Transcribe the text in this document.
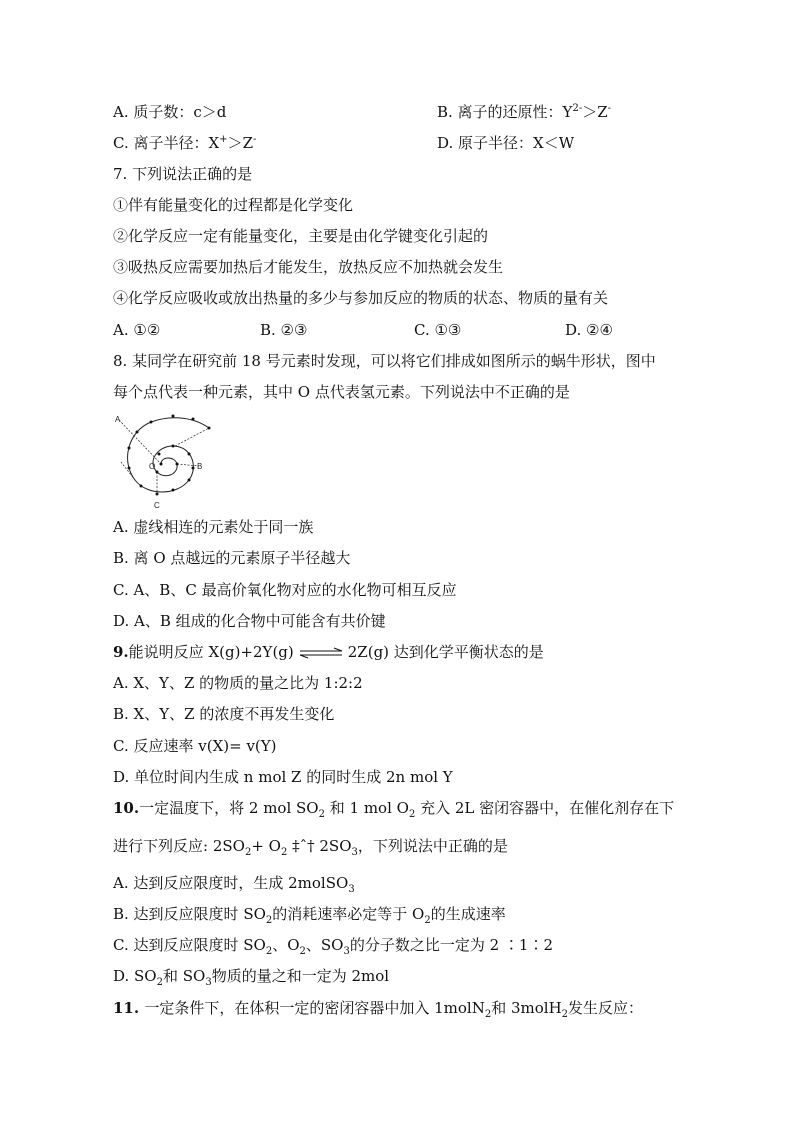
A. 质子数：c＞d	B. 离子的还原性：$Y^{2-}>Z^-$
C. 离子半径：X+＞Z-	D. 原子半径：X＜W
7. 下列说法正确的是
①伴有能量变化的过程都是化学变化
②化学反应一定有能量变化，主要是由化学键变化引起的
③吸热反应需要加热后才能发生，放热反应不加热就会发生
④化学反应吸收或放出热量的多少与参加反应的物质的状态、物质的量有关
A. ①②	B. ②③	C. ①③	D. ②④
8. 某同学在研究前 18 号元素时发现，可以将它们排成如图所示的蜗牛形状，图中
每个点代表一种元素，其中 O 点代表氢元素。下列说法中不正确的是
A
B
C
O
A. 虚线相连的元素处于同一族
B. 离 O 点越远的元素原子半径越大
C. A、B、C 最高价氧化物对应的水化物可相互反应
D. A、B 组成的化合物中可能含有共价键
9.能说明反应 X(g)+2Y(g) ⇌ 2Z(g) 达到化学平衡状态的是
A. X、Y、Z 的物质的量之比为 1:2:2
B. X、Y、Z 的浓度不再发生变化
C. 反应速率 v(X)= v(Y)
D. 单位时间内生成 n mol Z 的同时生成 2n mol Y
10.一定温度下，将 2 mol $SO_2$ 和 1 mol $O_2$ 充入 2L 密闭容器中，在催化剂存在下
进行下列反应: $2SO_2+ O_2$ ‡ˆ† $2SO_3$，下列说法中正确的是
A. 达到反应限度时，生成 2molSO$_3$
B. 达到反应限度时 $SO_2$的消耗速率必定等于 $O_2$的生成速率
C. 达到反应限度时 $SO_2$、$O_2$、$SO_3$的分子数之比一定为 2 ∶1∶2
D. $SO_2$和 $SO_3$物质的量之和一定为 2mol
11. 一定条件下，在体积一定的密闭容器中加入 1molN$_2$和 3molH$_2$发生反应：
